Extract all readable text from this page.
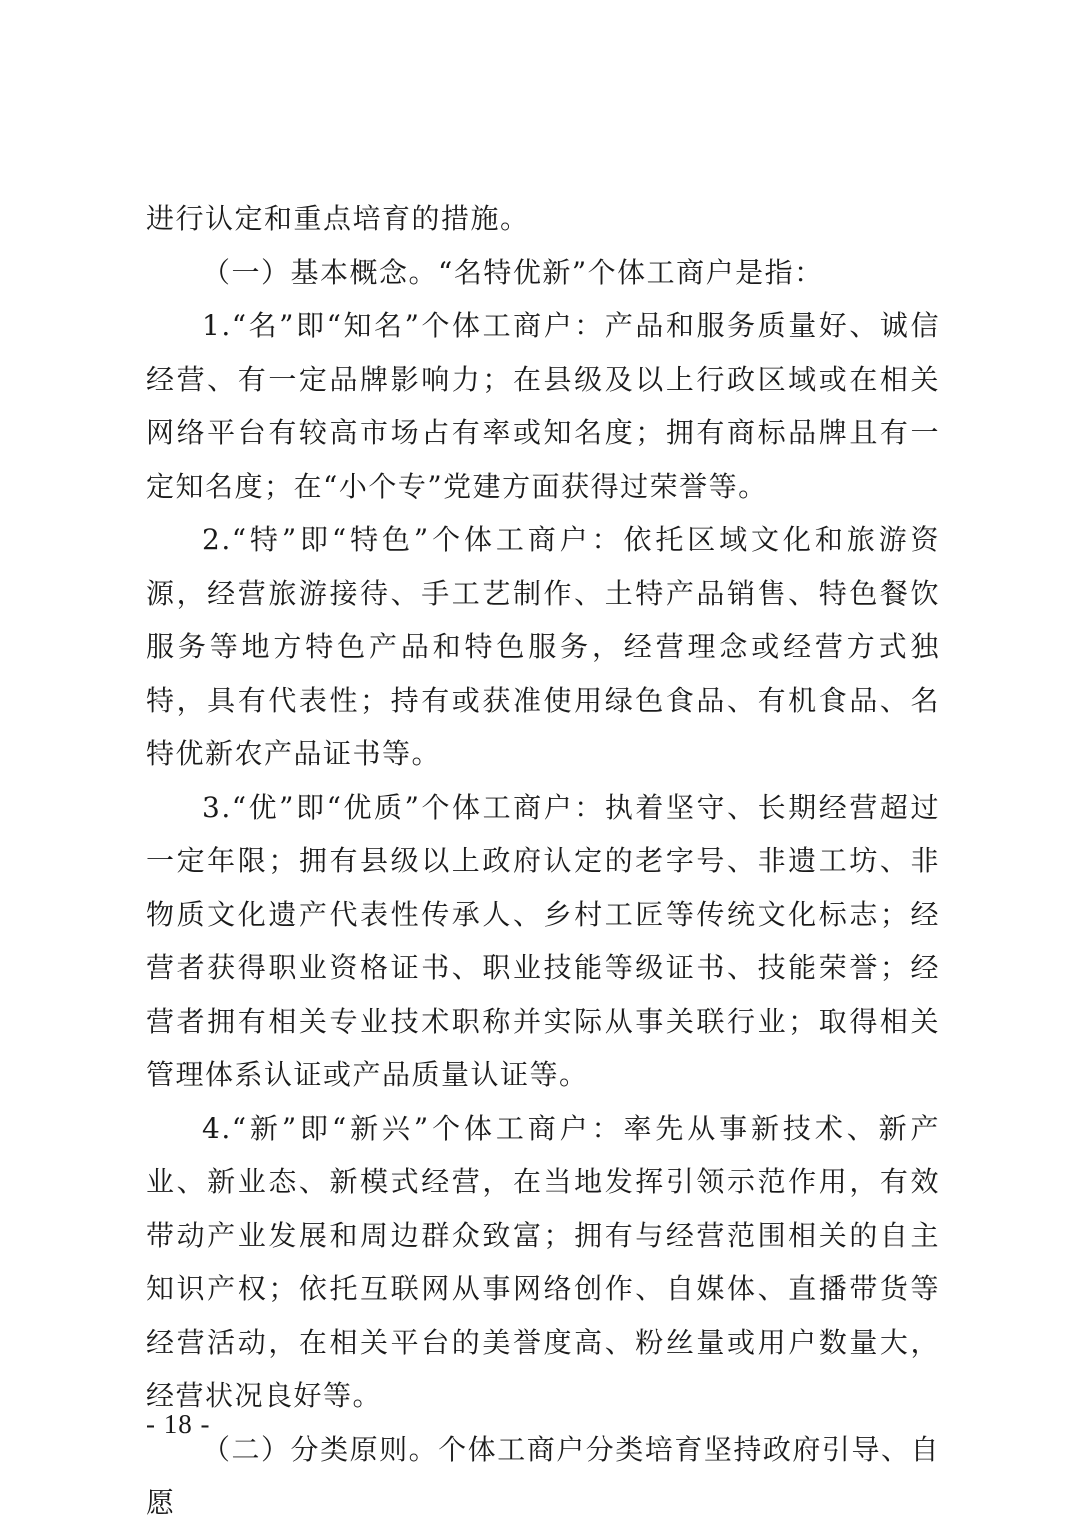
进行认定和重点培育的措施。

（一）基本概念。“名特优新”个体工商户是指：

1.“名”即“知名”个体工商户：产品和服务质量好、诚信经营、有一定品牌影响力；在县级及以上行政区域或在相关网络平台有较高市场占有率或知名度；拥有商标品牌且有一定知名度；在“小个专”党建方面获得过荣誉等。

2.“特”即“特色”个体工商户：依托区域文化和旅游资源，经营旅游接待、手工艺制作、土特产品销售、特色餐饮服务等地方特色产品和特色服务，经营理念或经营方式独特，具有代表性；持有或获准使用绿色食品、有机食品、名特优新农产品证书等。

3.“优”即“优质”个体工商户：执着坚守、长期经营超过一定年限；拥有县级以上政府认定的老字号、非遗工坊、非物质文化遗产代表性传承人、乡村工匠等传统文化标志；经营者获得职业资格证书、职业技能等级证书、技能荣誉；经营者拥有相关专业技术职称并实际从事关联行业；取得相关管理体系认证或产品质量认证等。

4.“新”即“新兴”个体工商户：率先从事新技术、新产业、新业态、新模式经营，在当地发挥引领示范作用，有效带动产业发展和周边群众致富；拥有与经营范围相关的自主知识产权；依托互联网从事网络创作、自媒体、直播带货等经营活动，在相关平台的美誉度高、粉丝量或用户数量大，经营状况良好等。

（二）分类原则。个体工商户分类培育坚持政府引导、自愿

- 18 -
